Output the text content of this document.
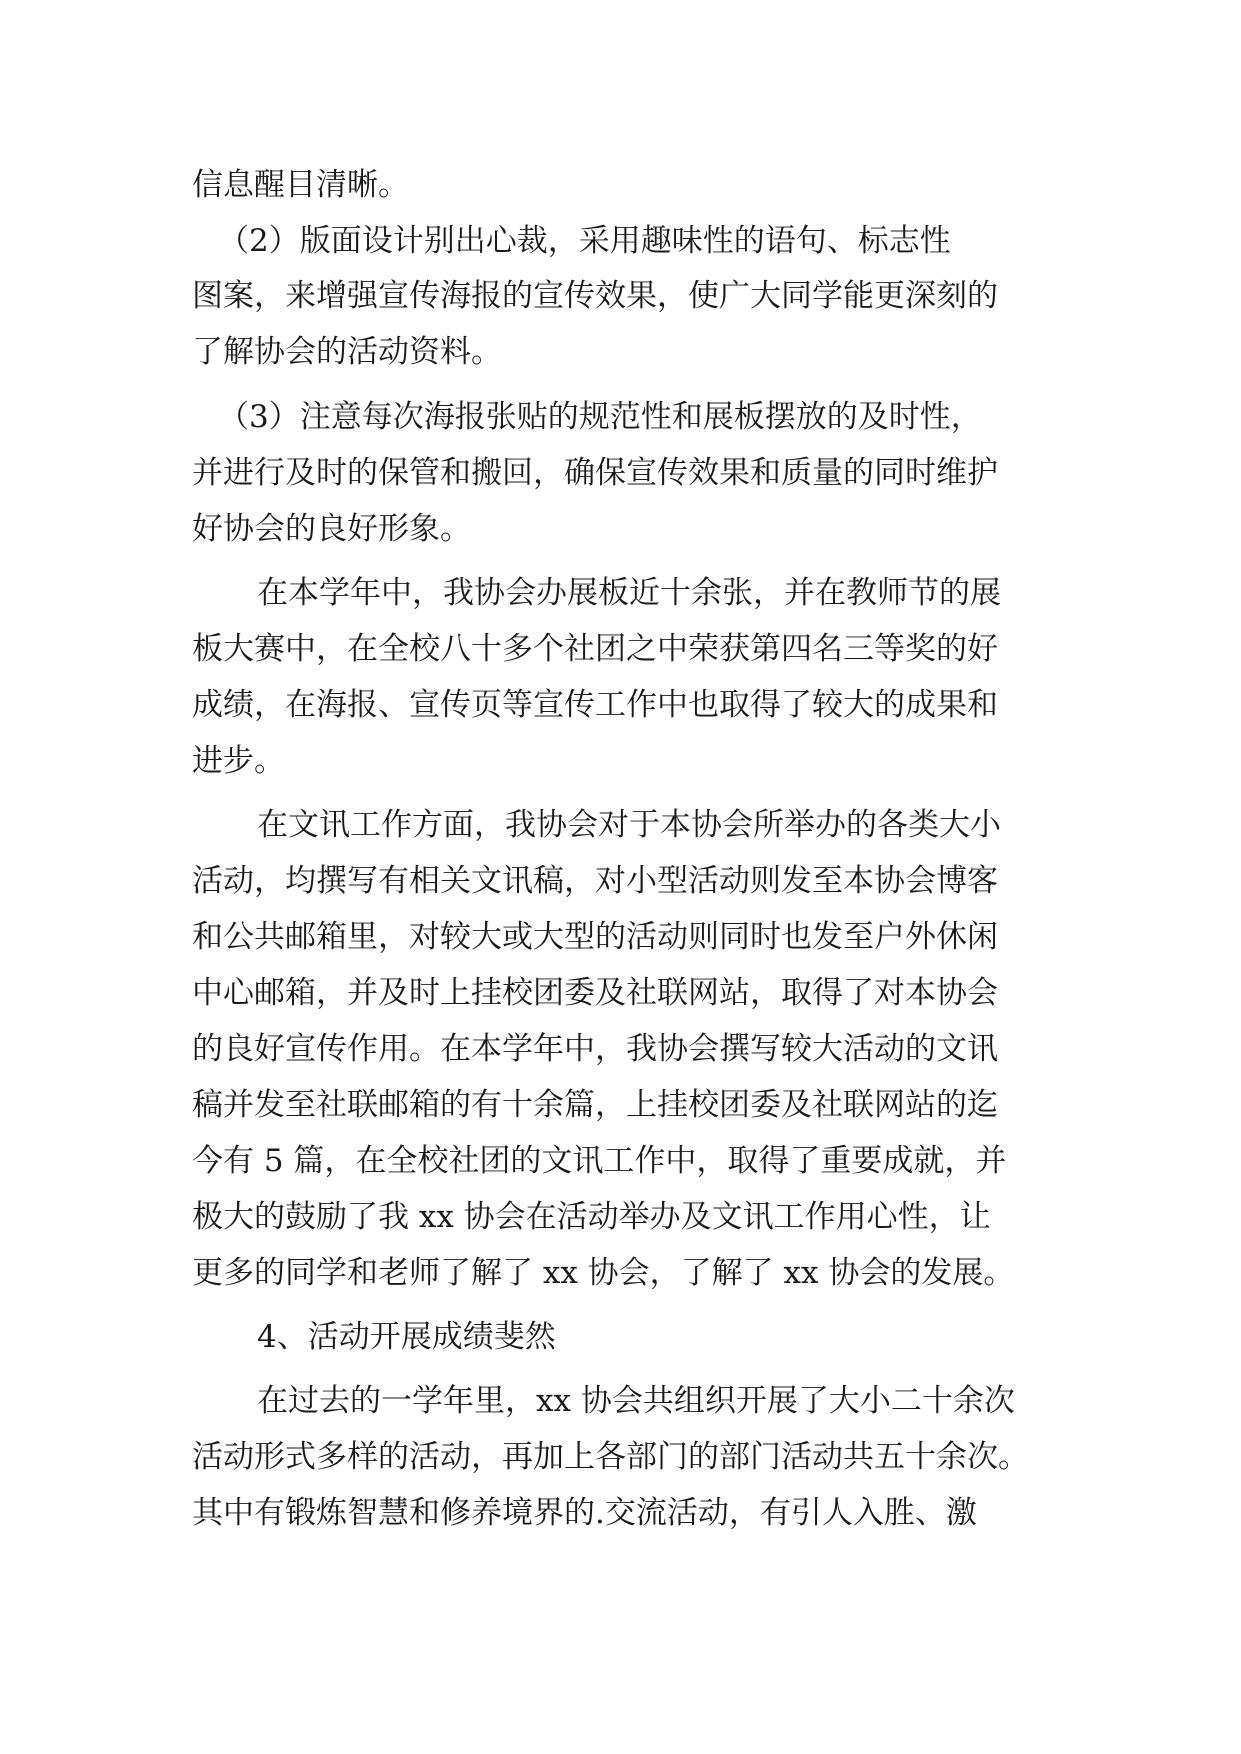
信息醒目清晰。
（2）版面设计别出心裁，采用趣味性的语句、标志性
图案，来增强宣传海报的宣传效果，使广大同学能更深刻的
了解协会的活动资料。
（3）注意每次海报张贴的规范性和展板摆放的及时性，
并进行及时的保管和搬回，确保宣传效果和质量的同时维护
好协会的良好形象。
在本学年中，我协会办展板近十余张，并在教师节的展
板大赛中，在全校八十多个社团之中荣获第四名三等奖的好
成绩，在海报、宣传页等宣传工作中也取得了较大的成果和
进步。
在文讯工作方面，我协会对于本协会所举办的各类大小
活动，均撰写有相关文讯稿，对小型活动则发至本协会博客
和公共邮箱里，对较大或大型的活动则同时也发至户外休闲
中心邮箱，并及时上挂校团委及社联网站，取得了对本协会
的良好宣传作用。在本学年中，我协会撰写较大活动的文讯
稿并发至社联邮箱的有十余篇，上挂校团委及社联网站的迄
今有 5 篇，在全校社团的文讯工作中，取得了重要成就，并
极大的鼓励了我 xx 协会在活动举办及文讯工作用心性，让
更多的同学和老师了解了 xx 协会，了解了 xx 协会的发展。
4、活动开展成绩斐然
在过去的一学年里，xx 协会共组织开展了大小二十余次
活动形式多样的活动，再加上各部门的部门活动共五十余次。
其中有锻炼智慧和修养境界的.交流活动，有引人入胜、激
